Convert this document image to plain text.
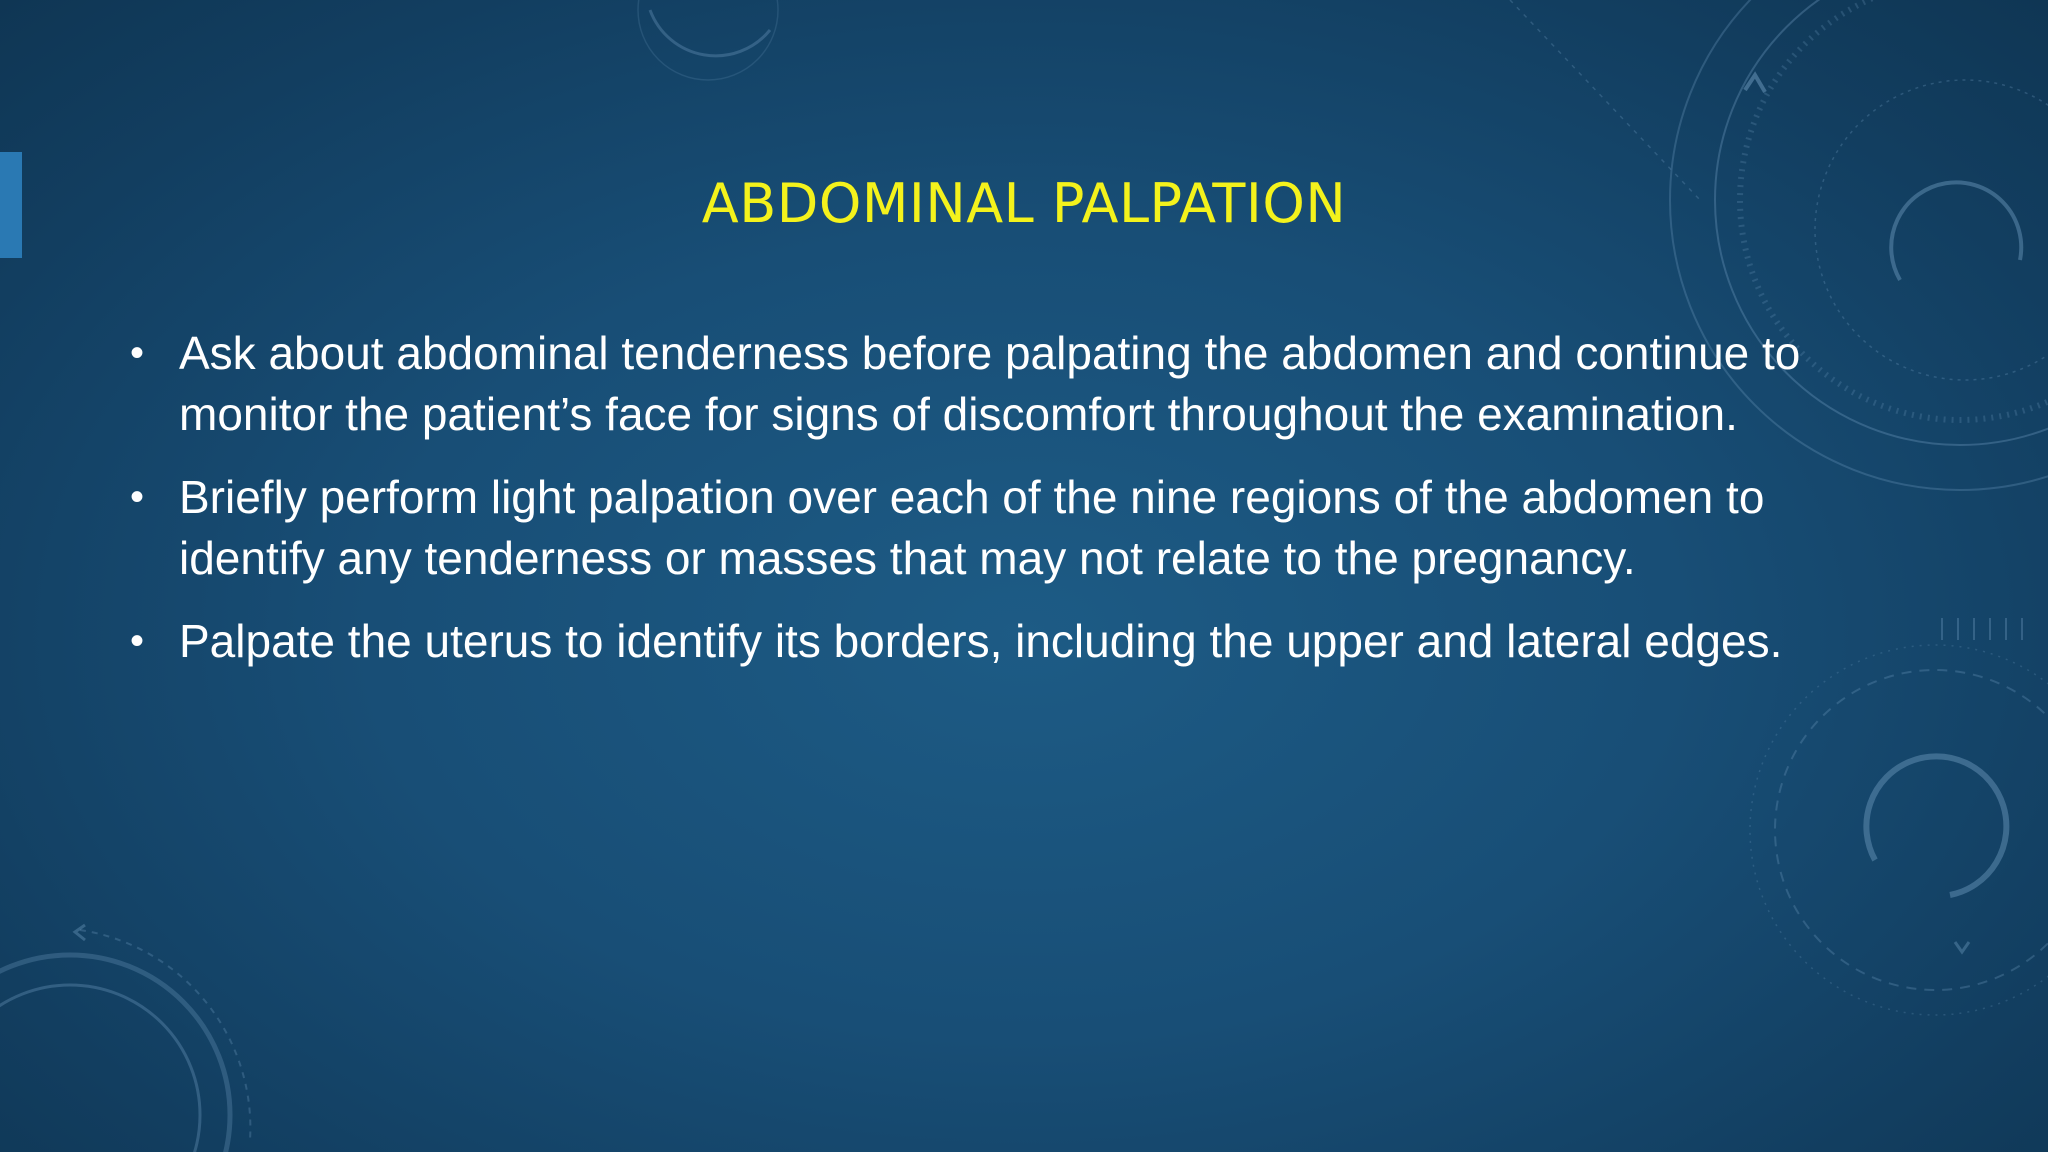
ABDOMINAL PALPATION
• Ask about abdominal tenderness before palpating the abdomen and continue to monitor the patient’s face for signs of discomfort throughout the examination.
• Briefly perform light palpation over each of the nine regions of the abdomen to identify any tenderness or masses that may not relate to the pregnancy.
• Palpate the uterus to identify its borders, including the upper and lateral edges.
